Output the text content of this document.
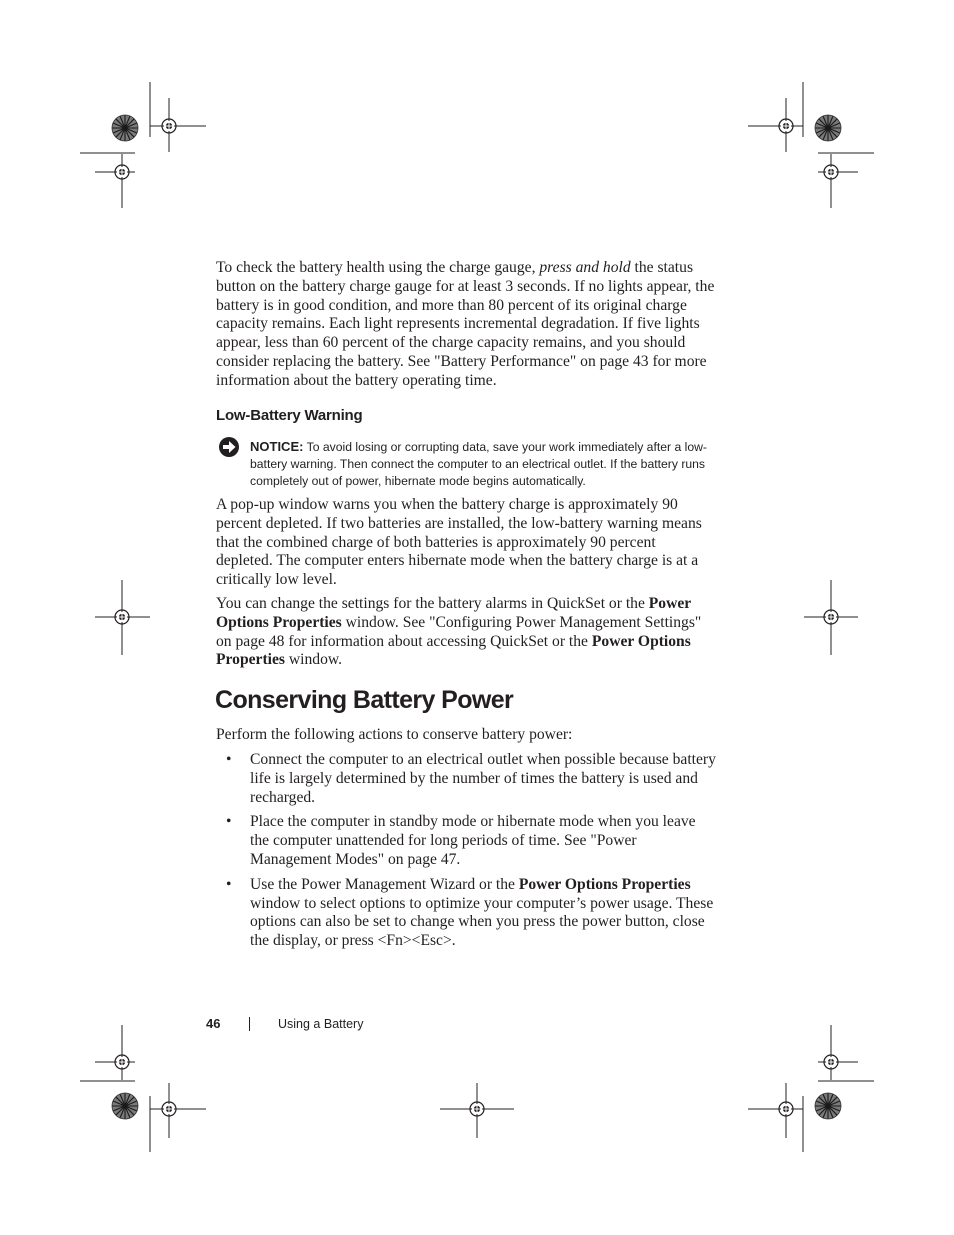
To check the battery health using the charge gauge, press and hold the status button on the battery charge gauge for at least 3 seconds. If no lights appear, the battery is in good condition, and more than 80 percent of its original charge capacity remains. Each light represents incremental degradation. If five lights appear, less than 60 percent of the charge capacity remains, and you should consider replacing the battery. See "Battery Performance" on page 43 for more information about the battery operating time.

Low-Battery Warning

NOTICE: To avoid losing or corrupting data, save your work immediately after a low-battery warning. Then connect the computer to an electrical outlet. If the battery runs completely out of power, hibernate mode begins automatically.

A pop-up window warns you when the battery charge is approximately 90 percent depleted. If two batteries are installed, the low-battery warning means that the combined charge of both batteries is approximately 90 percent depleted. The computer enters hibernate mode when the battery charge is at a critically low level.

You can change the settings for the battery alarms in QuickSet or the Power Options Properties window. See "Configuring Power Management Settings" on page 48 for information about accessing QuickSet or the Power Options Properties window.

Conserving Battery Power

Perform the following actions to conserve battery power:

• Connect the computer to an electrical outlet when possible because battery life is largely determined by the number of times the battery is used and recharged.
• Place the computer in standby mode or hibernate mode when you leave the computer unattended for long periods of time. See "Power Management Modes" on page 47.
• Use the Power Management Wizard or the Power Options Properties window to select options to optimize your computer’s power usage. These options can also be set to change when you press the power button, close the display, or press <Fn><Esc>.
46	Using a Battery
